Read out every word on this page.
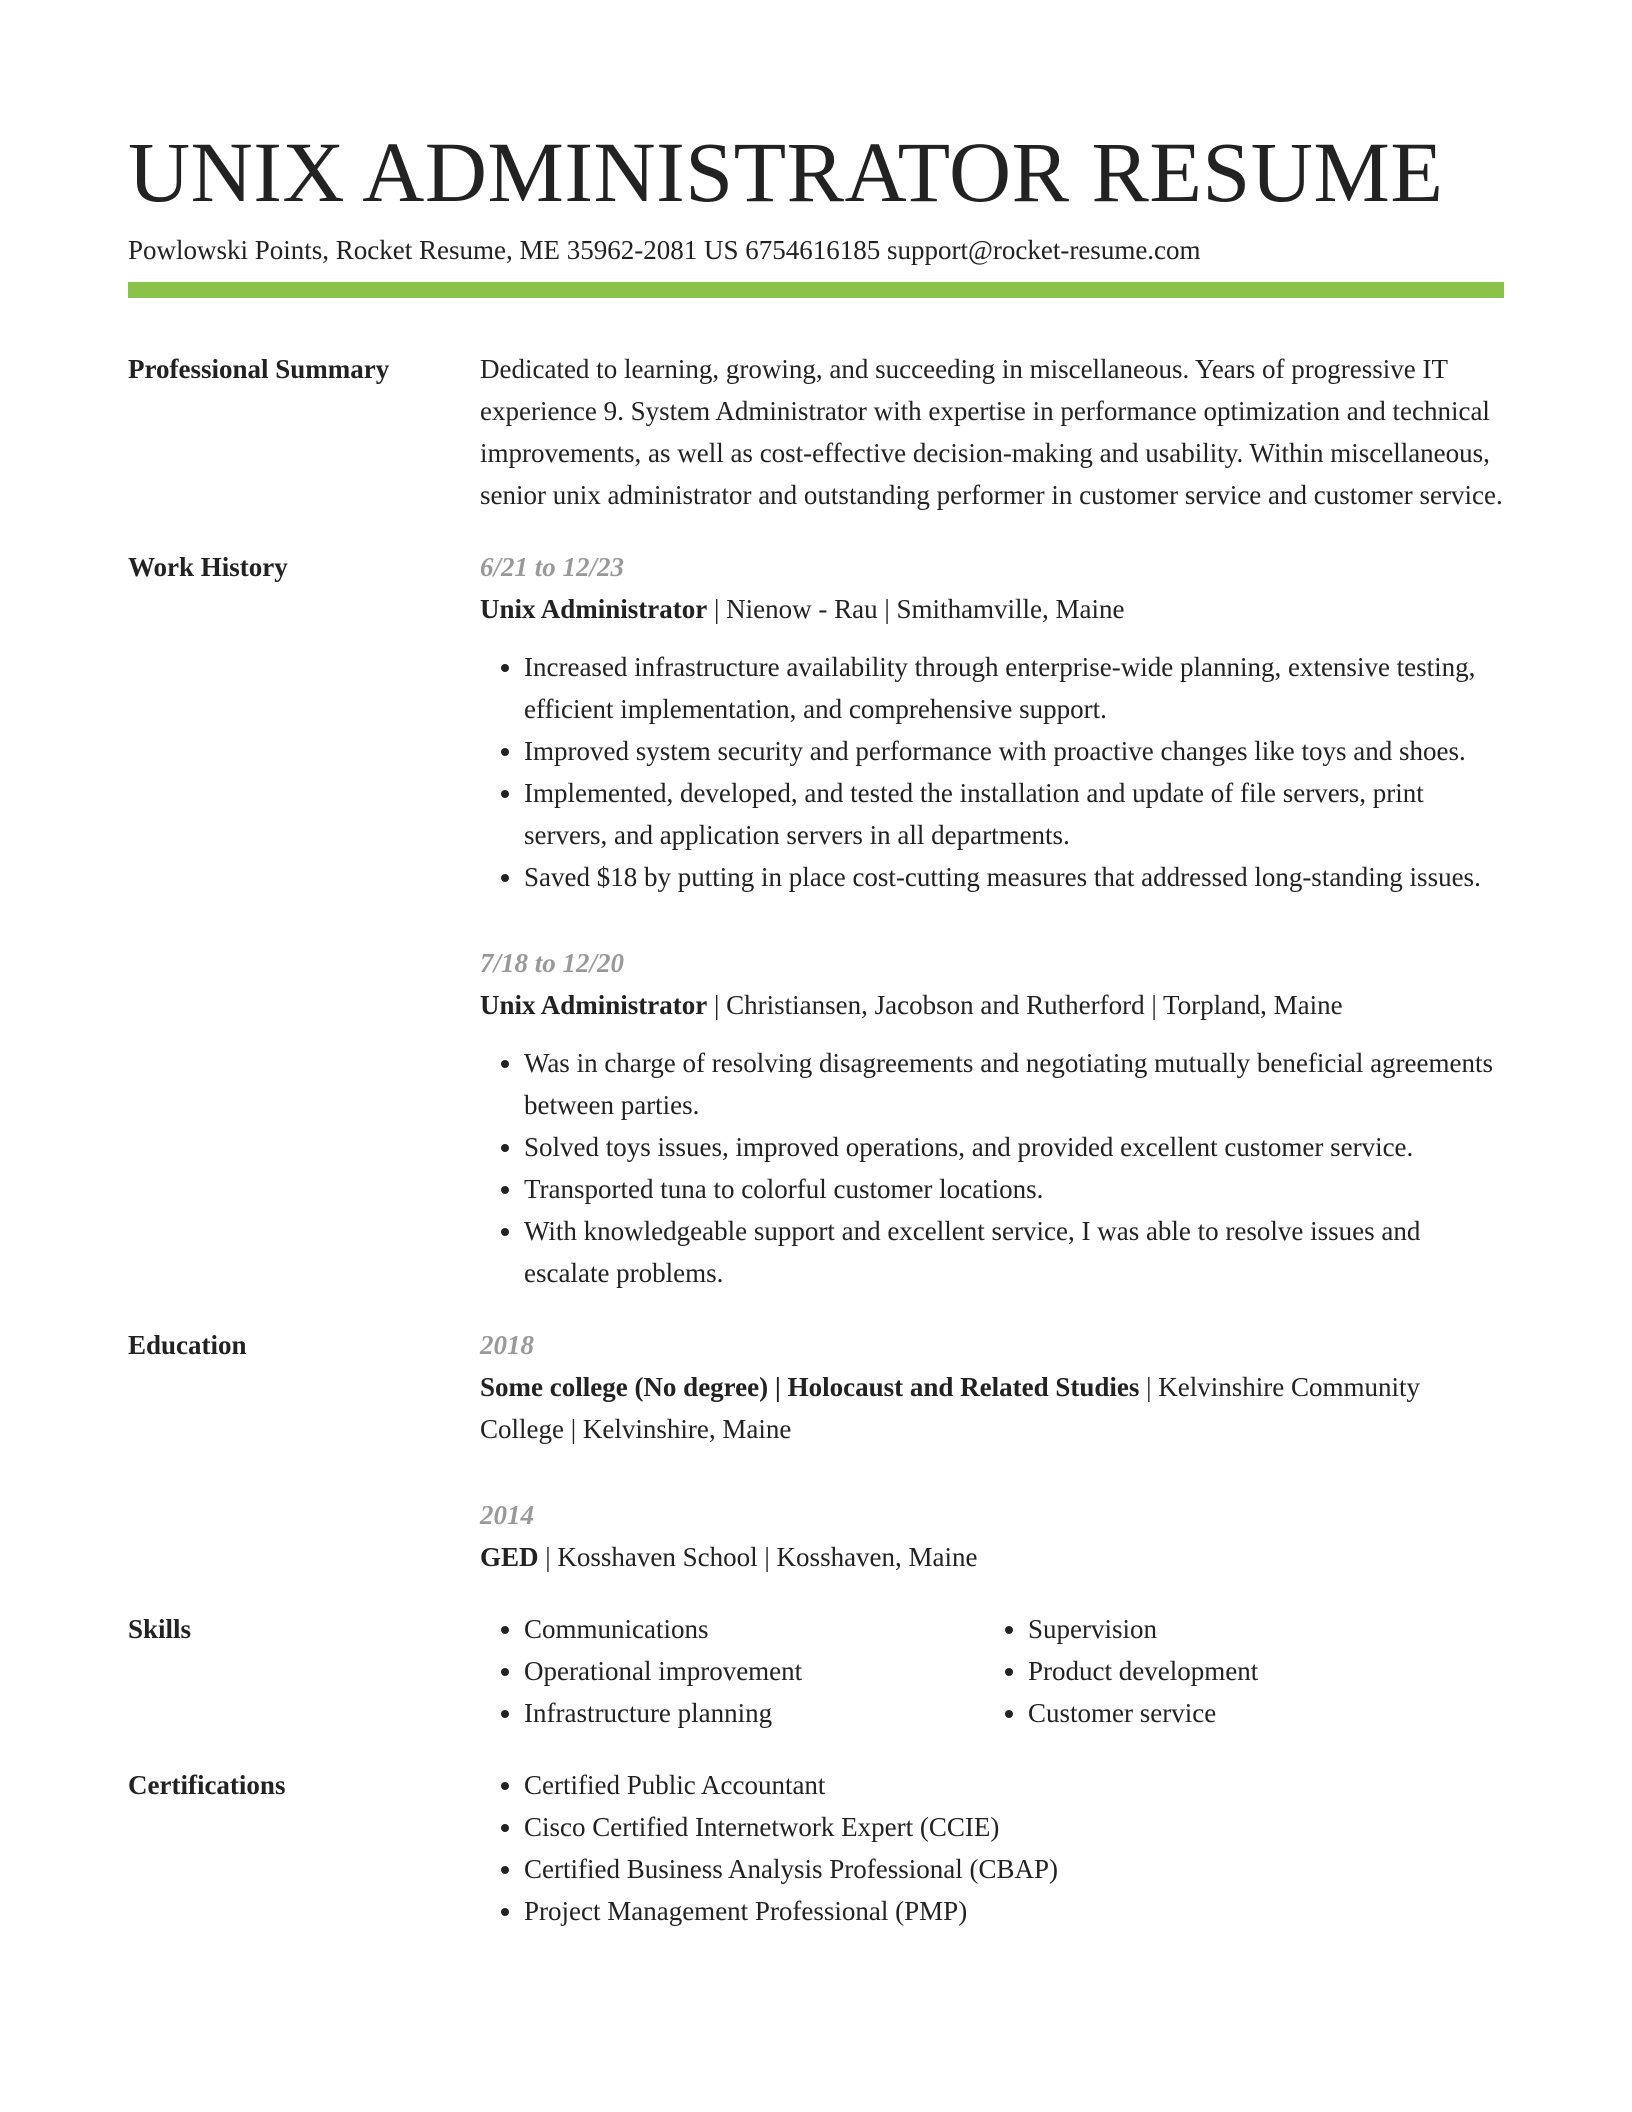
UNIX ADMINISTRATOR RESUME
Powlowski Points, Rocket Resume, ME 35962-2081 US 6754616185 support@rocket-resume.com
Professional Summary	Dedicated to learning, growing, and succeeding in miscellaneous. Years of progressive IT experience 9. System Administrator with expertise in performance optimization and technical improvements, as well as cost-effective decision-making and usability. Within miscellaneous, senior unix administrator and outstanding performer in customer service and customer service.
Work History	6/21 to 12/23
Unix Administrator | Nienow - Rau | Smithamville, Maine
• Increased infrastructure availability through enterprise-wide planning, extensive testing, efficient implementation, and comprehensive support.
• Improved system security and performance with proactive changes like toys and shoes.
• Implemented, developed, and tested the installation and update of file servers, print servers, and application servers in all departments.
• Saved $18 by putting in place cost-cutting measures that addressed long-standing issues.
7/18 to 12/20
Unix Administrator | Christiansen, Jacobson and Rutherford | Torpland, Maine
• Was in charge of resolving disagreements and negotiating mutually beneficial agreements between parties.
• Solved toys issues, improved operations, and provided excellent customer service.
• Transported tuna to colorful customer locations.
• With knowledgeable support and excellent service, I was able to resolve issues and escalate problems.
Education	2018
Some college (No degree) | Holocaust and Related Studies | Kelvinshire Community College | Kelvinshire, Maine
2014
GED | Kosshaven School | Kosshaven, Maine
Skills	• Communications
• Operational improvement
• Infrastructure planning
• Supervision
• Product development
• Customer service
Certifications	• Certified Public Accountant
• Cisco Certified Internetwork Expert (CCIE)
• Certified Business Analysis Professional (CBAP)
• Project Management Professional (PMP)
